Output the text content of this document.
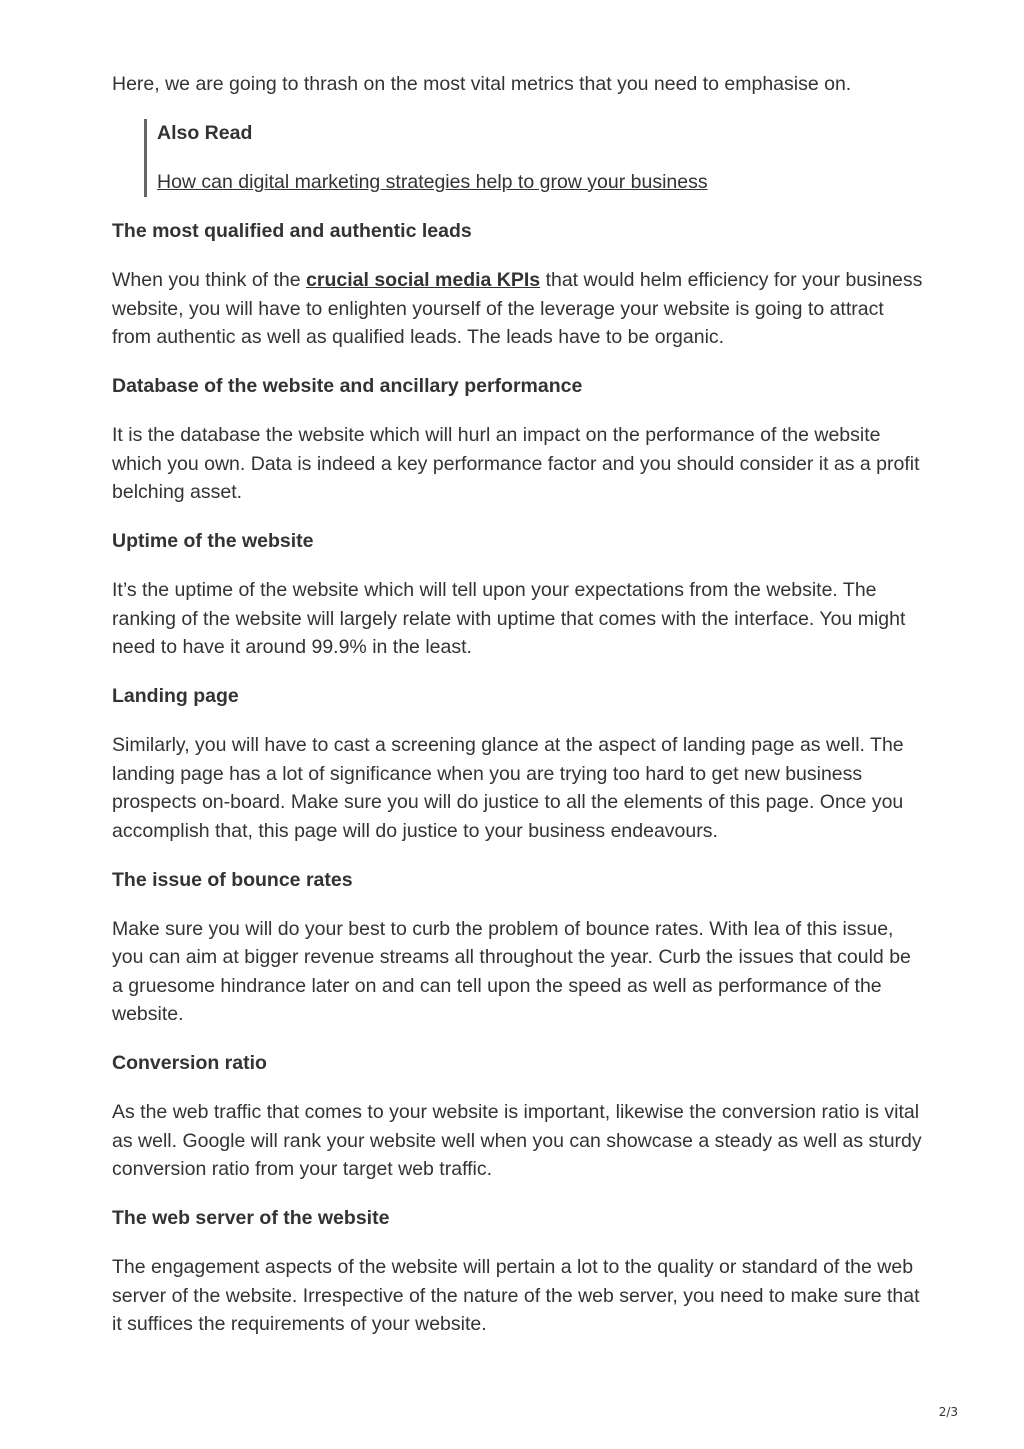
Here, we are going to thrash on the most vital metrics that you need to emphasise on.

Also Read

How can digital marketing strategies help to grow your business

The most qualified and authentic leads

When you think of the crucial social media KPIs that would helm efficiency for your business website, you will have to enlighten yourself of the leverage your website is going to attract from authentic as well as qualified leads. The leads have to be organic.

Database of the website and ancillary performance

It is the database the website which will hurl an impact on the performance of the website which you own. Data is indeed a key performance factor and you should consider it as a profit belching asset.

Uptime of the website

It’s the uptime of the website which will tell upon your expectations from the website. The ranking of the website will largely relate with uptime that comes with the interface. You might need to have it around 99.9% in the least.

Landing page

Similarly, you will have to cast a screening glance at the aspect of landing page as well. The landing page has a lot of significance when you are trying too hard to get new business prospects on-board. Make sure you will do justice to all the elements of this page. Once you accomplish that, this page will do justice to your business endeavours.

The issue of bounce rates

Make sure you will do your best to curb the problem of bounce rates. With lea of this issue, you can aim at bigger revenue streams all throughout the year. Curb the issues that could be a gruesome hindrance later on and can tell upon the speed as well as performance of the website.

Conversion ratio

As the web traffic that comes to your website is important, likewise the conversion ratio is vital as well. Google will rank your website well when you can showcase a steady as well as sturdy conversion ratio from your target web traffic.

The web server of the website

The engagement aspects of the website will pertain a lot to the quality or standard of the web server of the website. Irrespective of the nature of the web server, you need to make sure that it suffices the requirements of your website.

2/3
